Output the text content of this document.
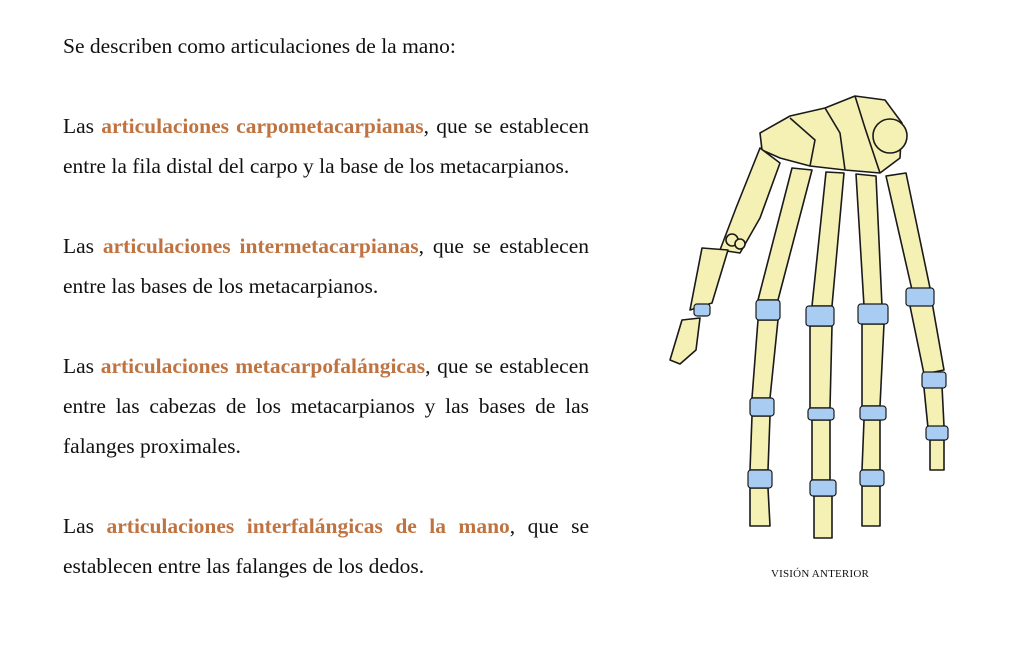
Se describen como articulaciones de la mano:

Las articulaciones carpometacarpianas, que se establecen entre la fila distal del carpo y la base de los metacarpianos.

Las articulaciones intermetacarpianas, que se establecen entre las bases de los metacarpianos.

Las articulaciones metacarpofalángicas, que se establecen entre las cabezas de los metacarpianos y las bases de las falanges proximales.

Las articulaciones interfalángicas de la mano, que se establecen entre las falanges de los dedos.	VISIÓN ANTERIOR
